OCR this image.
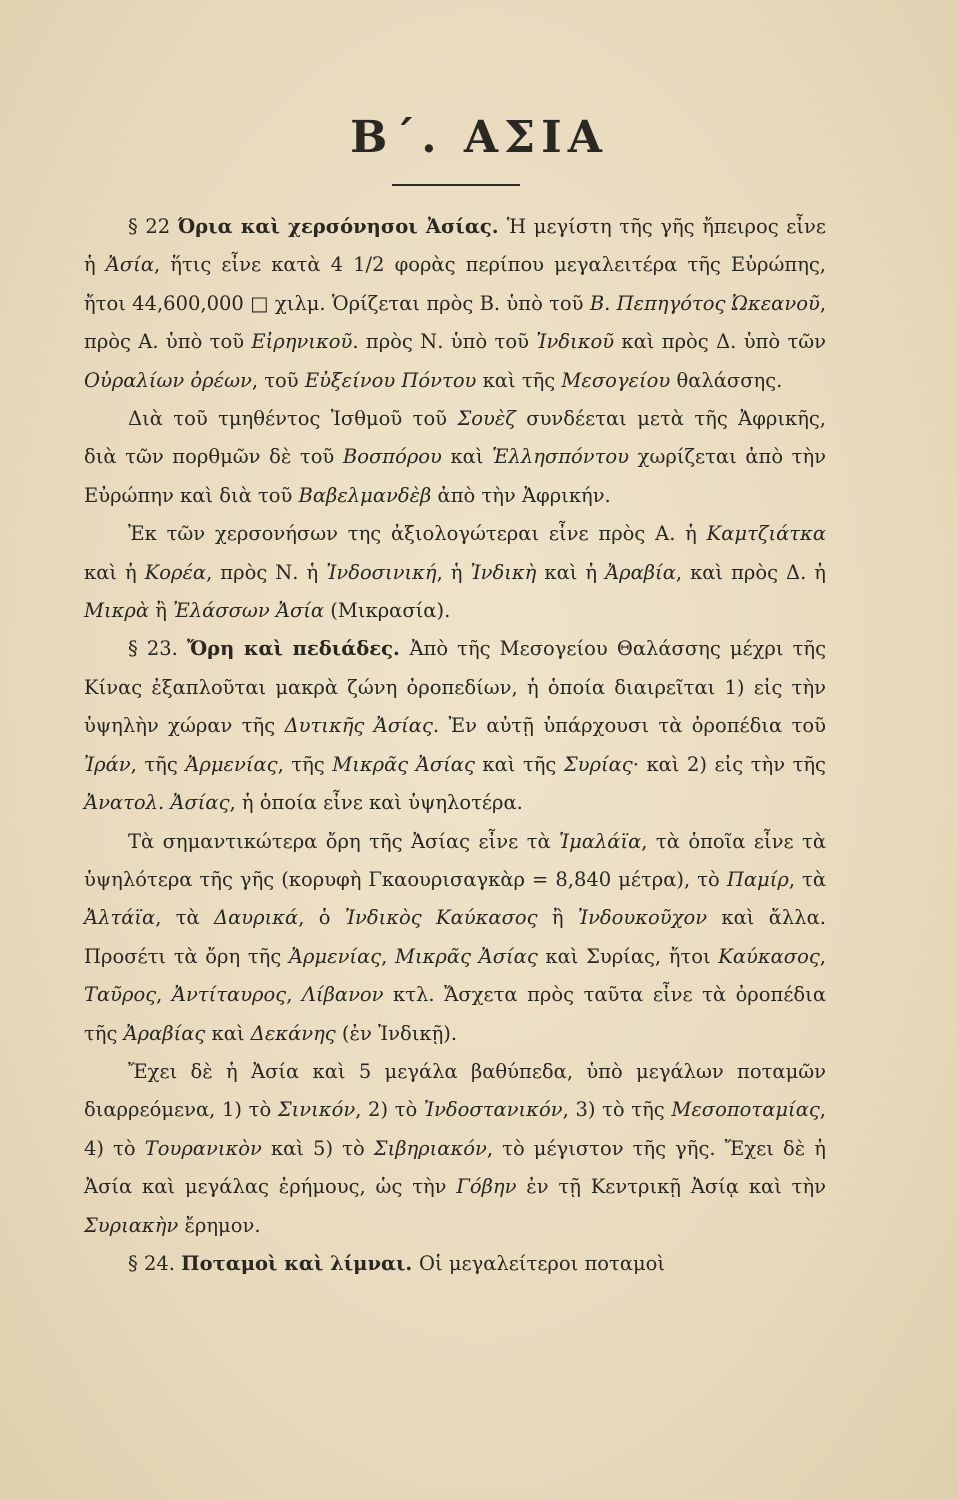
Β΄. ΑΣΙΑ

§ 22 Όρια καὶ χερσόνησοι Ἀσίας. Ἡ μεγίστη τῆς γῆς ἤπειρος εἶνε ἡ Ἀσία, ἥτις εἶνε κατὰ 4 1/2 φορὰς περίπου μεγαλειτέρα τῆς Εὐρώπης, ἤτοι 44,600,000 □ χιλμ. Ὁρίζεται πρὸς Β. ὑπὸ τοῦ Β. Πεπηγότος Ὠκεανοῦ, πρὸς Α. ὑπὸ τοῦ Εἰρηνικοῦ. πρὸς Ν. ὑπὸ τοῦ Ἰνδικοῦ καὶ πρὸς Δ. ὑπὸ τῶν Οὐραλίων ὀρέων, τοῦ Εὐξείνου Πόντου καὶ τῆς Μεσογείου θαλάσσης.

Διὰ τοῦ τμηθέντος Ἰσθμοῦ τοῦ Σουὲζ συνδέεται μετὰ τῆς Ἀφρικῆς, διὰ τῶν πορθμῶν δὲ τοῦ Βοσπόρου καὶ Ἑλλησπόντου χωρίζεται ἀπὸ τὴν Εὐρώπην καὶ διὰ τοῦ Βαβελμανδὲβ ἀπὸ τὴν Ἀφρικήν.

Ἐκ τῶν χερσονήσων της ἀξιολογώτεραι εἶνε πρὸς Α. ἡ Καμτζιάτκα καὶ ἡ Κορέα, πρὸς Ν. ἡ Ἰνδοσινική, ἡ Ἰνδικὴ καὶ ἡ Ἀραβία, καὶ πρὸς Δ. ἡ Μικρὰ ἢ Ἐλάσσων Ἀσία (Μικρασία).

§ 23. Ὄρη καὶ πεδιάδες. Ἀπὸ τῆς Μεσογείου Θαλάσσης μέχρι τῆς Κίνας ἐξαπλοῦται μακρὰ ζώνη ὀροπεδίων, ἡ ὁποία διαιρεῖται 1) εἰς τὴν ὑψηλὴν χώραν τῆς Δυτικῆς Ἀσίας. Ἐν αὐτῇ ὑπάρχουσι τὰ ὀροπέδια τοῦ Ἰράν, τῆς Ἀρμενίας, τῆς Μικρᾶς Ἀσίας καὶ τῆς Συρίας· καὶ 2) εἰς τὴν τῆς Ἀνατολ. Ἀσίας, ἡ ὁποία εἶνε καὶ ὑψηλοτέρα.

Τὰ σημαντικώτερα ὄρη τῆς Ἀσίας εἶνε τὰ Ἱμαλάϊα, τὰ ὁποῖα εἶνε τὰ ὑψηλότερα τῆς γῆς (κορυφὴ Γκαουρισαγκὰρ = 8,840 μέτρα), τὸ Παμίρ, τὰ Ἀλτάϊα, τὰ Δαυρικά, ὁ Ἰνδικὸς Καύκασος ἢ Ἰνδουκοῦχον καὶ ἄλλα. Προσέτι τὰ ὄρη τῆς Ἀρμενίας, Μικρᾶς Ἀσίας καὶ Συρίας, ἤτοι Καύκασος, Ταῦρος, Ἀντίταυρος, Λίβανον κτλ. Ἄσχετα πρὸς ταῦτα εἶνε τὰ ὀροπέδια τῆς Ἀραβίας καὶ Δεκάνης (ἐν Ἰνδικῇ).

Ἔχει δὲ ἡ Ἀσία καὶ 5 μεγάλα βαθύπεδα, ὑπὸ μεγάλων ποταμῶν διαρρεόμενα, 1) τὸ Σινικόν, 2) τὸ Ἰνδοστανικόν, 3) τὸ τῆς Μεσοποταμίας, 4) τὸ Τουρανικὸν καὶ 5) τὸ Σιβηριακόν, τὸ μέγιστον τῆς γῆς. Ἔχει δὲ ἡ Ἀσία καὶ μεγάλας ἐρήμους, ὡς τὴν Γόβην ἐν τῇ Κεντρικῇ Ἀσίᾳ καὶ τὴν Συριακὴν ἔρημον.

§ 24. Ποταμοὶ καὶ λίμναι. Οἱ μεγαλείτεροι ποταμοὶ
